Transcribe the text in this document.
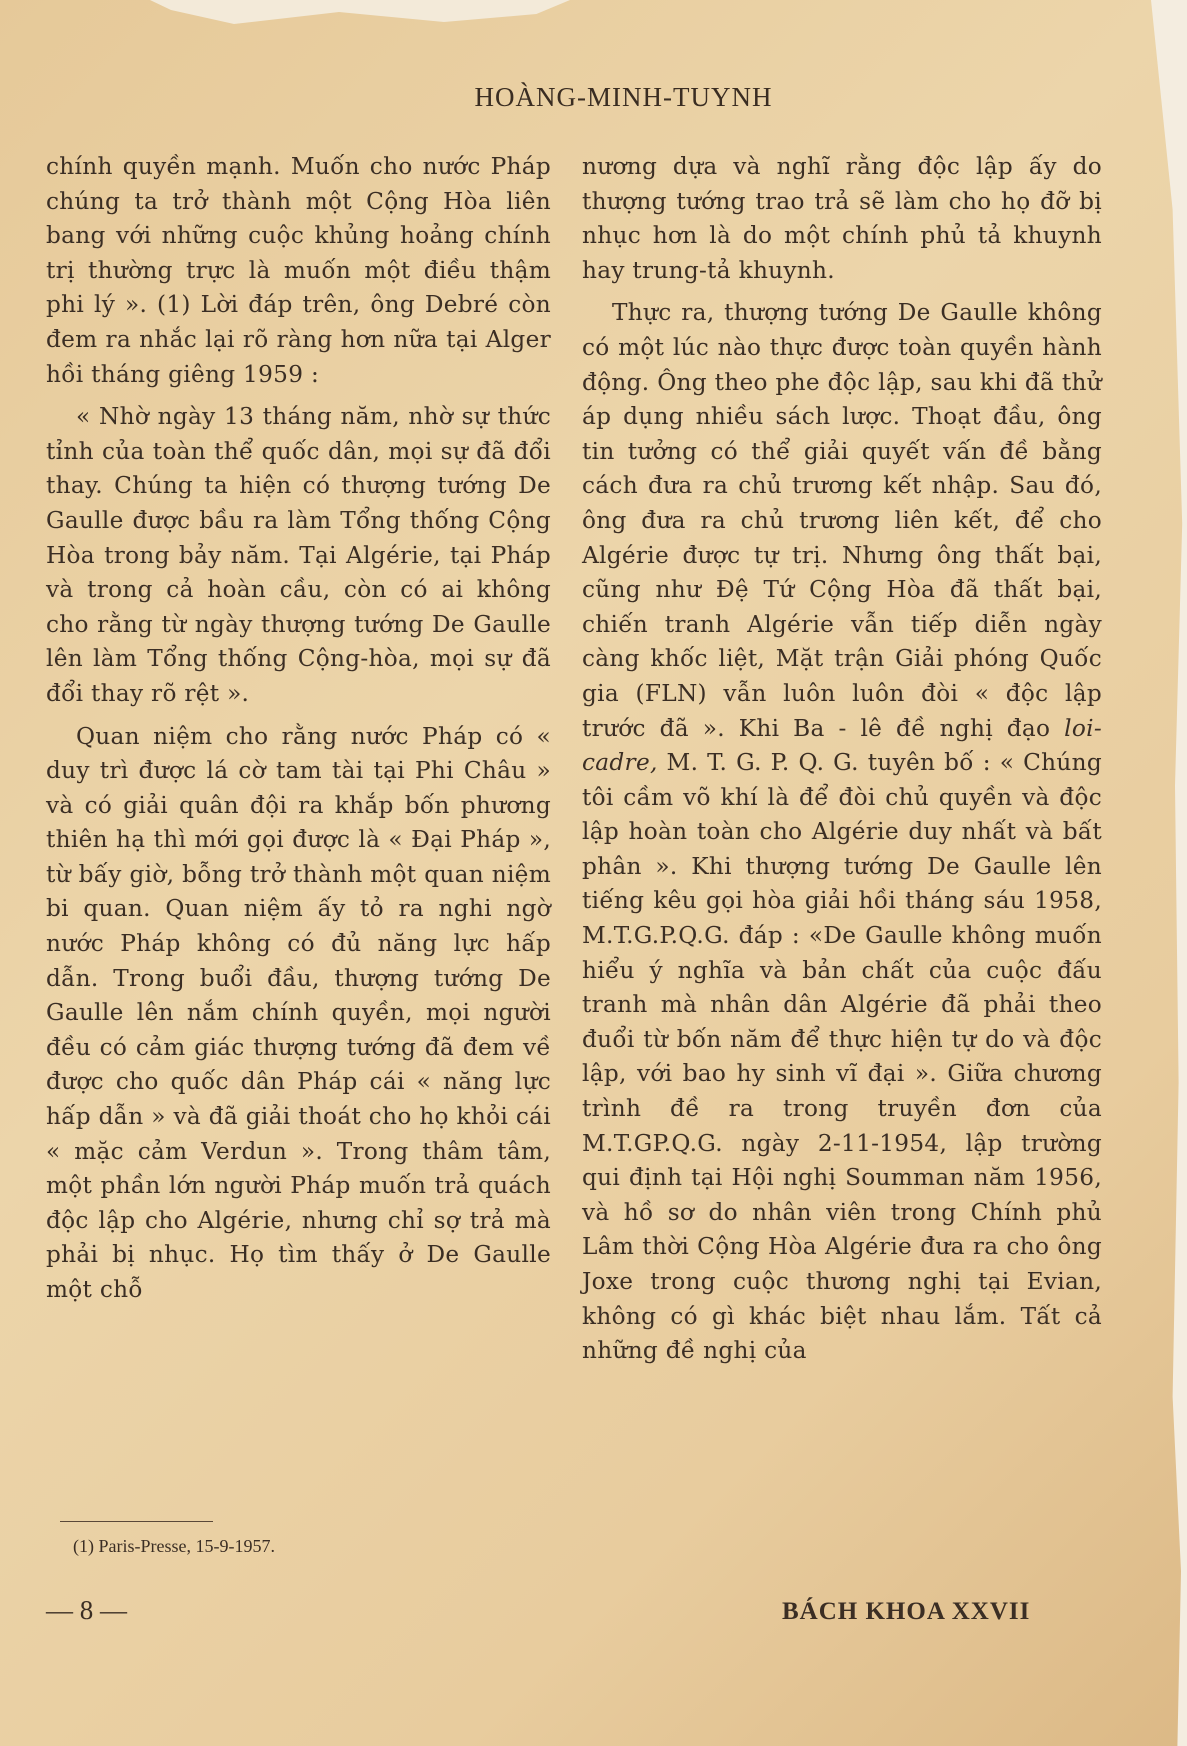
HOÀNG-MINH-TUYNH

chính quyền mạnh. Muốn cho nước Pháp chúng ta trở thành một Cộng Hòa liên bang với những cuộc khủng hoảng chính trị thường trực là muốn một điều thậm phi lý ». (1) Lời đáp trên, ông Debré còn đem ra nhắc lại rõ ràng hơn nữa tại Alger hồi tháng giêng 1959 :

« Nhờ ngày 13 tháng năm, nhờ sự thức tỉnh của toàn thể quốc dân, mọi sự đã đổi thay. Chúng ta hiện có thượng tướng De Gaulle được bầu ra làm Tổng thống Cộng Hòa trong bảy năm. Tại Algérie, tại Pháp và trong cả hoàn cầu, còn có ai không cho rằng từ ngày thượng tướng De Gaulle lên làm Tổng thống Cộng-hòa, mọi sự đã đổi thay rõ rệt ».

Quan niệm cho rằng nước Pháp có « duy trì được lá cờ tam tài tại Phi Châu » và có giải quân đội ra khắp bốn phương thiên hạ thì mới gọi được là « Đại Pháp », từ bấy giờ, bỗng trở thành một quan niệm bi quan. Quan niệm ấy tỏ ra nghi ngờ nước Pháp không có đủ năng lực hấp dẫn. Trong buổi đầu, thượng tướng De Gaulle lên nắm chính quyền, mọi người đều có cảm giác thượng tướng đã đem về được cho quốc dân Pháp cái « năng lực hấp dẫn » và đã giải thoát cho họ khỏi cái « mặc cảm Verdun ». Trong thâm tâm, một phần lớn người Pháp muốn trả quách độc lập cho Algérie, nhưng chỉ sợ trả mà phải bị nhục. Họ tìm thấy ở De Gaulle một chỗ

nương dựa và nghĩ rằng độc lập ấy do thượng tướng trao trả sẽ làm cho họ đỡ bị nhục hơn là do một chính phủ tả khuynh hay trung-tả khuynh.

Thực ra, thượng tướng De Gaulle không có một lúc nào thực được toàn quyền hành động. Ông theo phe độc lập, sau khi đã thử áp dụng nhiều sách lược. Thoạt đầu, ông tin tưởng có thể giải quyết vấn đề bằng cách đưa ra chủ trương kết nhập. Sau đó, ông đưa ra chủ trương liên kết, để cho Algérie được tự trị. Nhưng ông thất bại, cũng như Đệ Tứ Cộng Hòa đã thất bại, chiến tranh Algérie vẫn tiếp diễn ngày càng khốc liệt, Mặt trận Giải phóng Quốc gia (FLN) vẫn luôn luôn đòi « độc lập trước đã ». Khi Ba - lê đề nghị đạo loi-cadre, M. T. G. P. Q. G. tuyên bố : « Chúng tôi cầm võ khí là để đòi chủ quyền và độc lập hoàn toàn cho Algérie duy nhất và bất phân ». Khi thượng tướng De Gaulle lên tiếng kêu gọi hòa giải hồi tháng sáu 1958, M.T.G.P.Q.G. đáp : «De Gaulle không muốn hiểu ý nghĩa và bản chất của cuộc đấu tranh mà nhân dân Algérie đã phải theo đuổi từ bốn năm để thực hiện tự do và độc lập, với bao hy sinh vĩ đại ». Giữa chương trình đề ra trong truyền đơn của M.T.GP.Q.G. ngày 2-11-1954, lập trường qui định tại Hội nghị Soumman năm 1956, và hồ sơ do nhân viên trong Chính phủ Lâm thời Cộng Hòa Algérie đưa ra cho ông Joxe trong cuộc thương nghị tại Evian, không có gì khác biệt nhau lắm. Tất cả những đề nghị của

(1) Paris-Presse, 15-9-1957.
— 8 —	BÁCH KHOA XXVII
